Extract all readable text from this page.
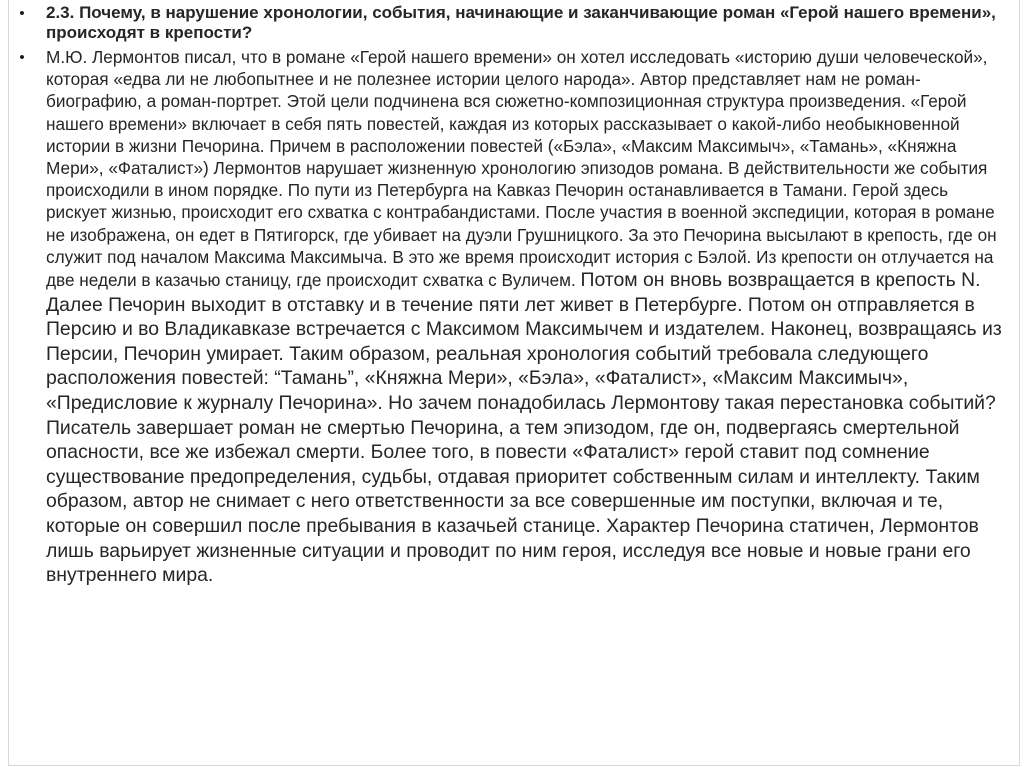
•	2.3. Почему, в нарушение хронологии, события, начинающие и заканчивающие роман «Герой нашего времени», происходят в крепости?
•	М.Ю. Лермонтов писал, что в романе «Герой нашего времени» он хотел исследовать «историю души человеческой», которая «едва ли не любопытнее и не полезнее истории целого народа». Автор представляет нам не роман-биографию, а роман-портрет. Этой цели подчинена вся сюжетно-композиционная структура произведения. «Герой нашего времени» включает в себя пять повестей, каждая из которых рассказывает о какой-либо необыкновенной истории в жизни Печорина. Причем в расположении повестей («Бэла», «Максим Максимыч», «Тамань», «Княжна Мери», «Фаталист») Лермонтов нарушает жизненную хронологию эпизодов романа. В действительности же события происходили в ином порядке. По пути из Петербурга на Кавказ Печорин останавливается в Тамани. Герой здесь рискует жизнью, происходит его схватка с контрабандистами. После участия в военной экспедиции, которая в романе не изображена, он едет в Пятигорск, где убивает на дуэли Грушницкого. За это Печорина высылают в крепость, где он служит под началом Максима Максимыча. В это же время происходит история с Бэлой. Из крепости он отлучается на две недели в казачью станицу, где происходит схватка с Вуличем. Потом он вновь возвращается в крепость N. Далее Печорин выходит в отставку и в течение пяти лет живет в Петербурге. Потом он отправляется в Персию и во Владикавказе встречается с Максимом Максимычем и издателем. Наконец, возвращаясь из Персии, Печорин умирает. Таким образом, реальная хронология событий требовала следующего расположения повестей: “Тамань”, «Княжна Мери», «Бэла», «Фаталист», «Максим Максимыч», «Предисловие к журналу Печорина». Но зачем понадобилась Лермонтову такая перестановка событий? Писатель завершает роман не смертью Печорина, а тем эпизодом, где он, подвергаясь смертельной опасности, все же избежал смерти. Более того, в повести «Фаталист» герой ставит под сомнение существование предопределения, судьбы, отдавая приоритет собственным силам и интеллекту. Таким образом, автор не снимает с него ответственности за все совершенные им поступки, включая и те, которые он совершил после пребывания в казачьей станице. Характер Печорина статичен, Лермонтов лишь варьирует жизненные ситуации и проводит по ним героя, исследуя все новые и новые грани его внутреннего мира.
